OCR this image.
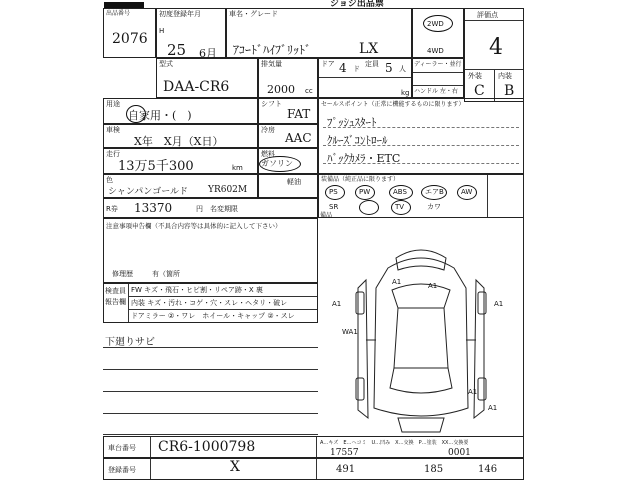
ジョジ出品票
出品番号
2076
初度登録年月
H
25 6月
車名・グレード
ｱｺｰﾄﾞﾊｲﾌﾞﾘｯﾄﾞ	LX
2WD
4WD
評価点
4
外装 内装
C B
型式
DAA-CR6
排気量
2000 cc
ドア 4 ド
定員 5 人
kg
ディーラー・並行
ハンドル 左・右
用途
自家用・(　)
シフト
FAT
車検
X年　X月（X日）
冷房
AAC
走行
13万5千300	km
燃料
ガソリン
色
シャンパンゴールド YR602M
軽油
セールスポイント（正常に機能するものに限ります）
ﾌﾟｯｼｭｽﾀｰﾄ
ｸﾙｰｽﾞｺﾝﾄﾛｰﾙ
ﾊﾞｯｸｶﾒﾗ・ETC
装備品（純正品に限ります）
PS	PW	ABS	エアB AW
SR	TV	カワ
備品
R券 13370	円 名変期限
注意事項申告欄（不具合内容等は具体的に記入して下さい）
修理歴	有（箇所
検査員
報告欄
FW キズ・飛石・ヒビ割・リペア跡・X 裏
内装 キズ・汚れ・コゲ・穴・スレ・ヘタリ・破レ
ドアミラー ②・ワレ　ホイール・キャップ ②・スレ
下廻りサビ
A1
A1
A1	A1
WA1
A1
A1
車台番号 CR6-1000798	A…キズ　E…ヘコミ　U…凹み　X…交換　P…塗装　XX…交換要
17557	0001
登録番号	X	491	185	146
